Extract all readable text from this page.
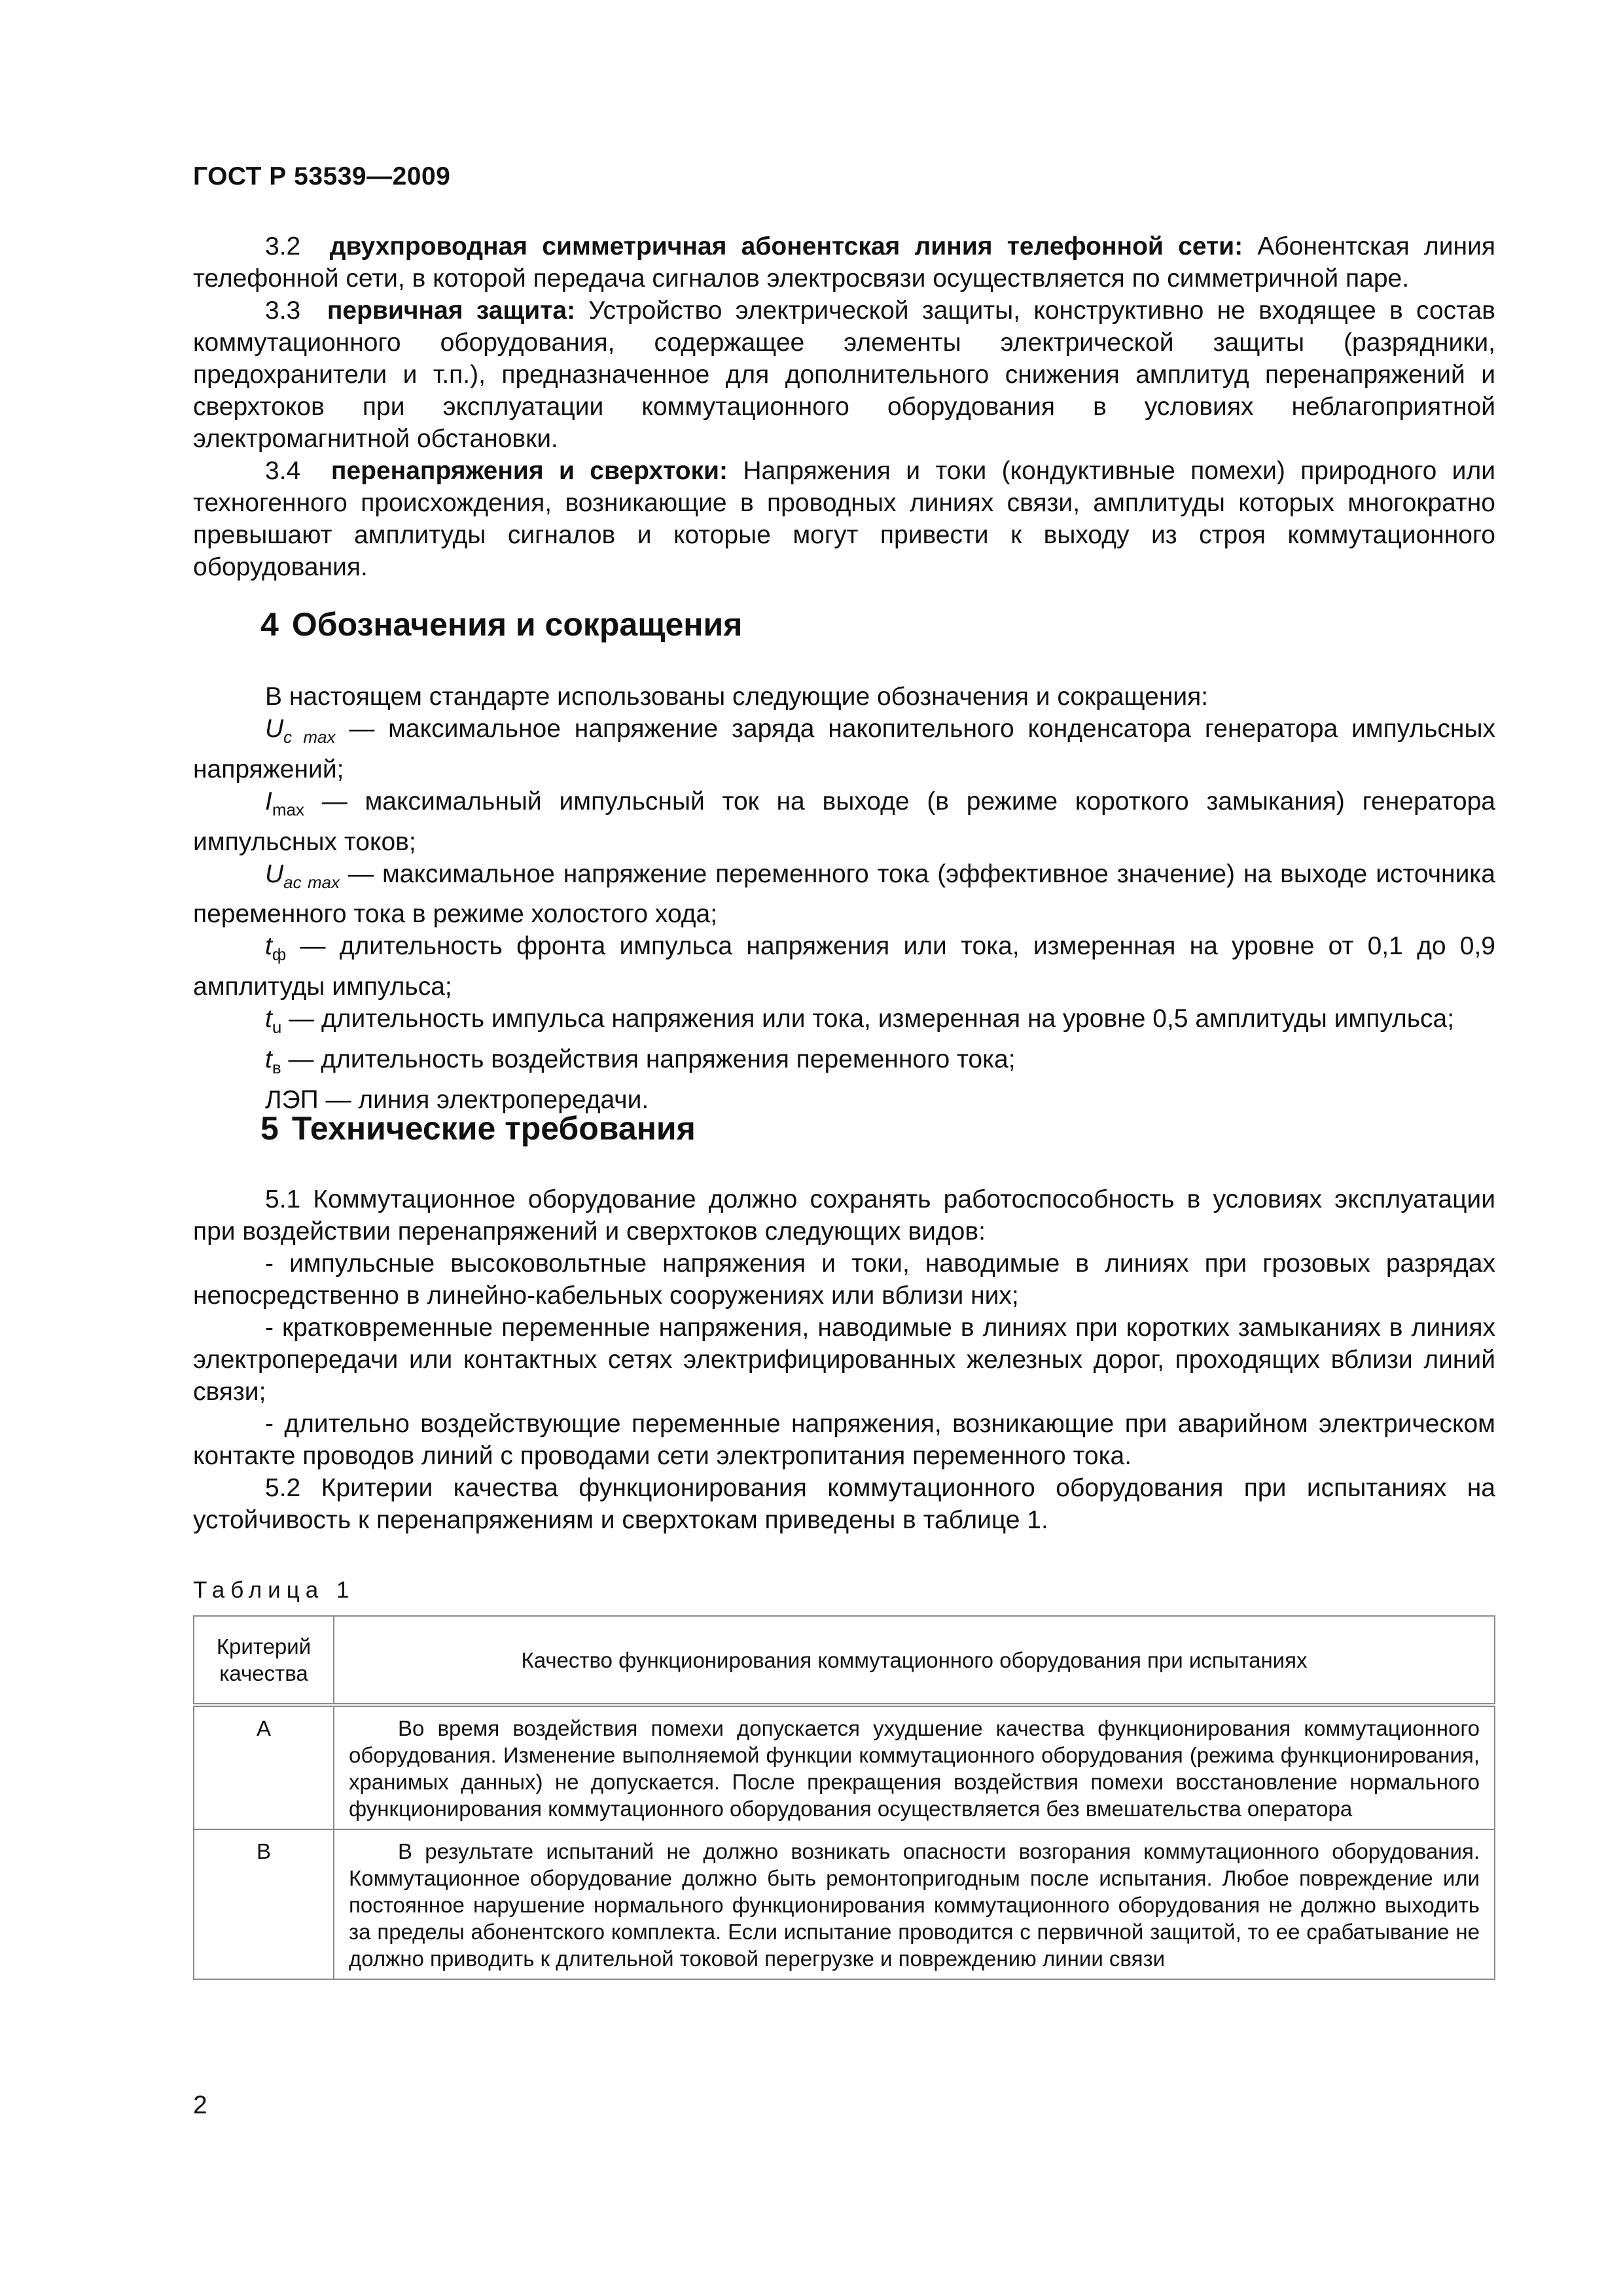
ГОСТ Р 53539—2009

3.2 двухпроводная симметричная абонентская линия телефонной сети: Абонентская линия телефонной сети, в которой передача сигналов электросвязи осуществляется по симметричной паре.

3.3 первичная защита: Устройство электрической защиты, конструктивно не входящее в состав коммутационного оборудования, содержащее элементы электрической защиты (разрядники, предохранители и т.п.), предназначенное для дополнительного снижения амплитуд перенапряжений и сверхтоков при эксплуатации коммутационного оборудования в условиях неблагоприятной электромагнитной обстановки.

3.4 перенапряжения и сверхтоки: Напряжения и токи (кондуктивные помехи) природного или техногенного происхождения, возникающие в проводных линиях связи, амплитуды которых многократно превышают амплитуды сигналов и которые могут привести к выходу из строя коммутационного оборудования.

4 Обозначения и сокращения

В настоящем стандарте использованы следующие обозначения и сокращения:

$U_{c max}$ — максимальное напряжение заряда накопительного конденсатора генератора импульсных напряжений;

$I_{max}$ — максимальный импульсный ток на выходе (в режиме короткого замыкания) генератора импульсных токов;

$U_{ac max}$ — максимальное напряжение переменного тока (эффективное значение) на выходе источника переменного тока в режиме холостого хода;

$t_ф$ — длительность фронта импульса напряжения или тока, измеренная на уровне от 0,1 до 0,9 амплитуды импульса;

$t_u$ — длительность импульса напряжения или тока, измеренная на уровне 0,5 амплитуды импульса;

$t_в$ — длительность воздействия напряжения переменного тока;

ЛЭП — линия электропередачи.

5 Технические требования

5.1 Коммутационное оборудование должно сохранять работоспособность в условиях эксплуатации при воздействии перенапряжений и сверхтоков следующих видов:

- импульсные высоковольтные напряжения и токи, наводимые в линиях при грозовых разрядах непосредственно в линейно-кабельных сооружениях или вблизи них;

- кратковременные переменные напряжения, наводимые в линиях при коротких замыканиях в линиях электропередачи или контактных сетях электрифицированных железных дорог, проходящих вблизи линий связи;

- длительно воздействующие переменные напряжения, возникающие при аварийном электрическом контакте проводов линий с проводами сети электропитания переменного тока.

5.2 Критерии качества функционирования коммутационного оборудования при испытаниях на устойчивость к перенапряжениям и сверхтокам приведены в таблице 1.

Таблица 1

Критерий качества	Качество функционирования коммутационного оборудования при испытаниях
A	Во время воздействия помехи допускается ухудшение качества функционирования коммутационного оборудования. Изменение выполняемой функции коммутационного оборудования (режима функционирования, хранимых данных) не допускается. После прекращения воздействия помехи восстановление нормального функционирования коммутационного оборудования осуществляется без вмешательства оператора
B	В результате испытаний не должно возникать опасности возгорания коммутационного оборудования. Коммутационное оборудование должно быть ремонтопригодным после испытания. Любое повреждение или постоянное нарушение нормального функционирования коммутационного оборудования не должно выходить за пределы абонентского комплекта. Если испытание проводится с первичной защитой, то ее срабатывание не должно приводить к длительной токовой перегрузке и повреждению линии связи

2
